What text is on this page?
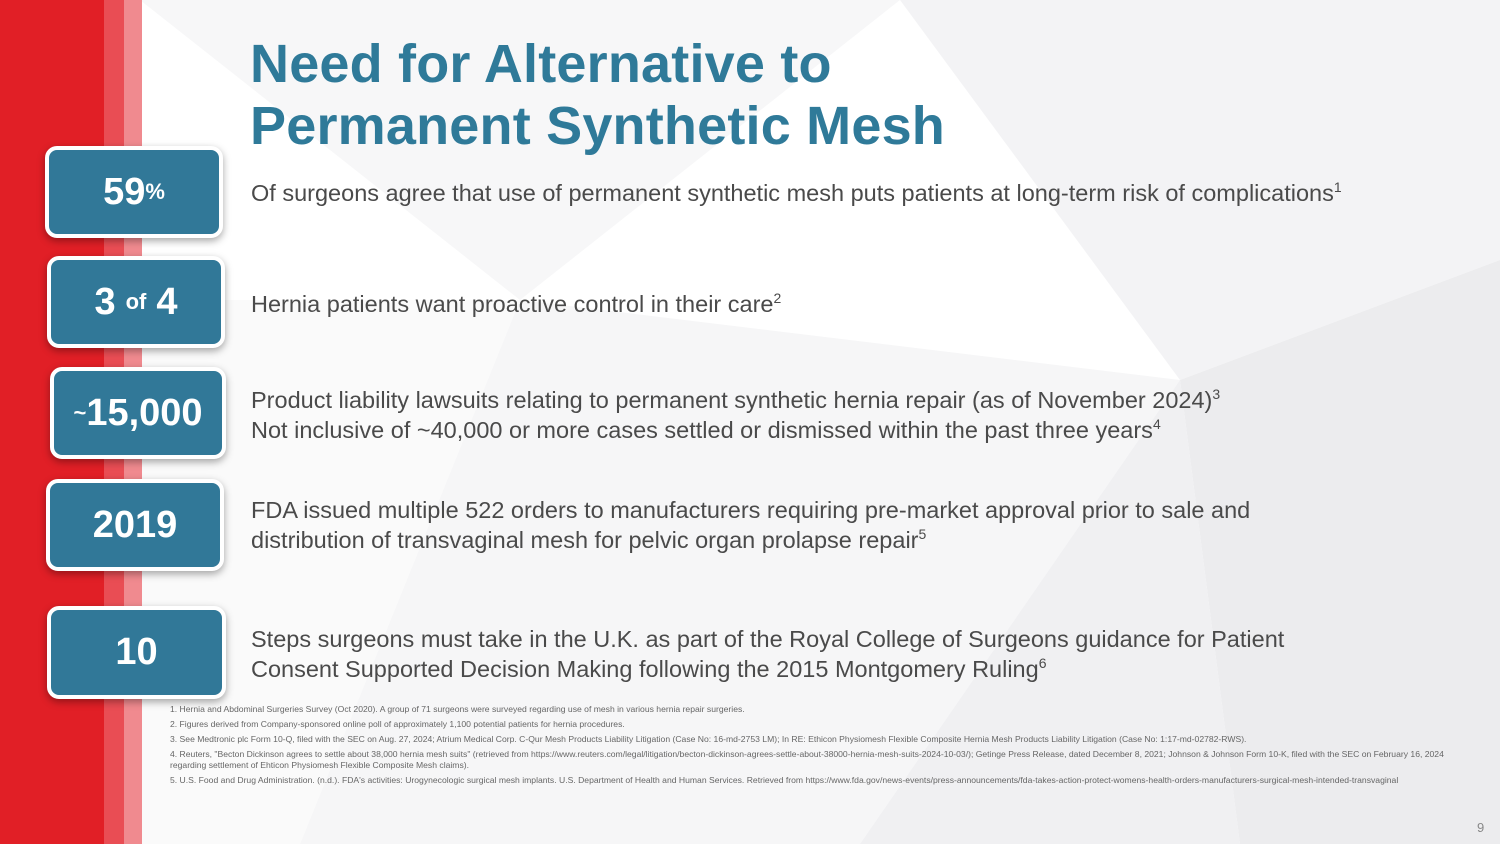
Need for Alternative to
Permanent Synthetic Mesh
59 %	Of surgeons agree that use of permanent synthetic mesh puts patients at long-term risk of complications$^1$

3 of 4	Hernia patients want proactive control in their care$^2$

~ 15,000 Product liability lawsuits relating to permanent synthetic hernia repair (as of November 2024)$^3$
Not inclusive of ~40,000 or more cases settled or dismissed within the past three years$^4$

2019	FDA issued multiple 522 orders to manufacturers requiring pre-market approval prior to sale and
distribution of transvaginal mesh for pelvic organ prolapse repair$^5$

10	Steps surgeons must take in the U.K. as part of the Royal College of Surgeons guidance for Patient
Consent Supported Decision Making following the 2015 Montgomery Ruling$^6$

1. Hernia and Abdominal Surgeries Survey (Oct 2020). A group of 71 surgeons were surveyed regarding use of mesh in various hernia repair surgeries.

2. Figures derived from Company-sponsored online poll of approximately 1,100 potential patients for hernia procedures.

3. See Medtronic plc Form 10-Q, filed with the SEC on Aug. 27, 2024; Atrium Medical Corp. C-Qur Mesh Products Liability Litigation (Case No: 16-md-2753 LM); In RE: Ethicon Physiomesh Flexible Composite Hernia Mesh Products Liability Litigation (Case No: 1:17-md-02782-RWS).

4. Reuters, "Becton Dickinson agrees to settle about 38,000 hernia mesh suits" (retrieved from https://www.reuters.com/legal/litigation/becton-dickinson-agrees-settle-about-38000-hernia-mesh-suits-2024-10-03/); Getinge Press Release, dated December 8, 2021; Johnson & Johnson Form 10-K, filed with the SEC on February 16, 2024 regarding settlement of Ehticon Physiomesh Flexible Composite Mesh claims).

5. U.S. Food and Drug Administration. (n.d.). FDA's activities: Urogynecologic surgical mesh implants. U.S. Department of Health and Human Services. Retrieved from https://www.fda.gov/news-events/press-announcements/fda-takes-action-protect-womens-health-orders-manufacturers-surgical-mesh-intended-transvaginal

9
